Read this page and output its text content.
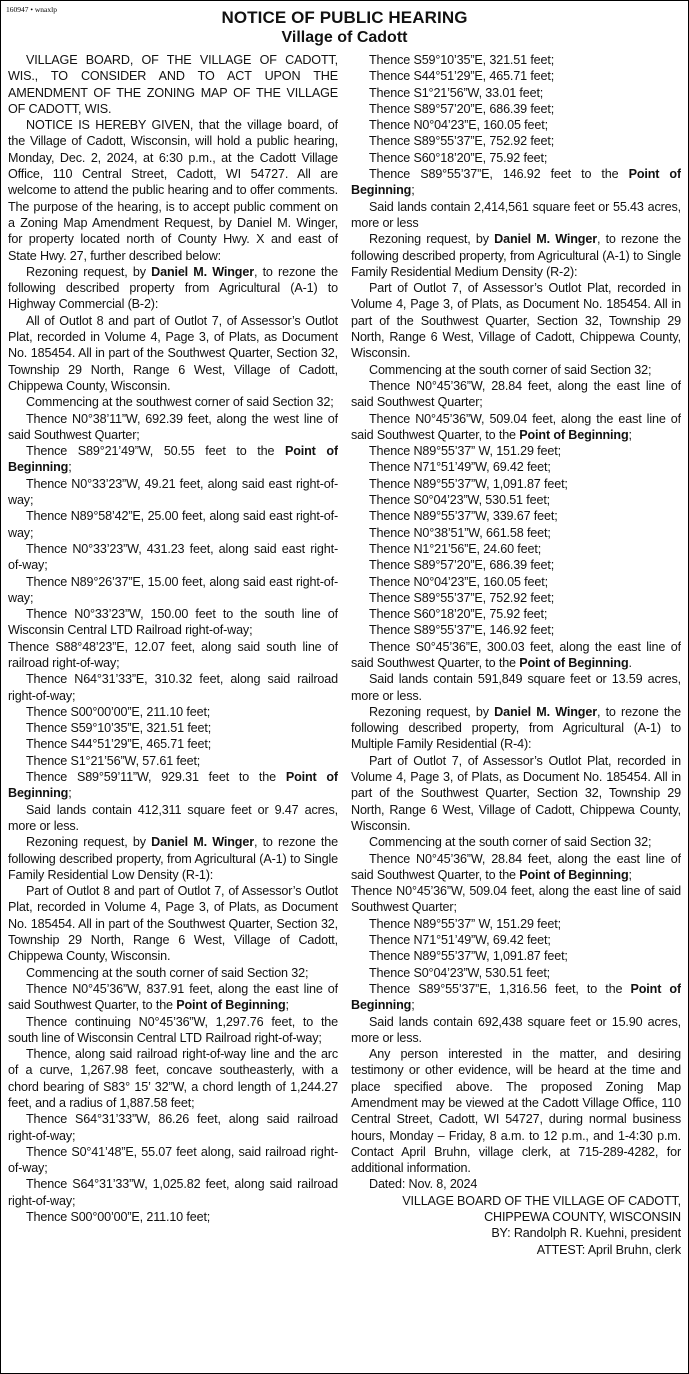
160947 • wnaxlp	NOTICE OF PUBLIC HEARING
Village of Cadott

VILLAGE BOARD, OF THE VILLAGE OF CADOTT, WIS., TO CONSIDER AND TO ACT UPON THE AMENDMENT OF THE ZONING MAP OF THE VILLAGE OF CADOTT, WIS.

NOTICE IS HEREBY GIVEN, that the village board, of the Village of Cadott, Wisconsin, will hold a public hearing, Monday, Dec. 2, 2024, at 6:30 p.m., at the Cadott Village Office, 110 Central Street, Cadott, WI 54727. All are welcome to attend the public hearing and to offer comments. The purpose of the hearing, is to accept public comment on a Zoning Map Amendment Request, by Daniel M. Winger, for property located north of County Hwy. X and east of State Hwy. 27, further described below:

Rezoning request, by Daniel M. Winger, to rezone the following described property from Agricultural (A-1) to Highway Commercial (B-2):

All of Outlot 8 and part of Outlot 7, of Assessor’s Outlot Plat, recorded in Volume 4, Page 3, of Plats, as Document No. 185454. All in part of the Southwest Quarter, Section 32, Township 29 North, Range 6 West, Village of Cadott, Chippewa County, Wisconsin.

Commencing at the southwest corner of said Section 32;

Thence N0°38’11”W, 692.39 feet, along the west line of said Southwest Quarter;

Thence S89°21’49”W, 50.55 feet to the Point of Beginning;

Thence N0°33’23”W, 49.21 feet, along said east right-of-way;

Thence N89°58’42”E, 25.00 feet, along said east right-of-way;

Thence N0°33’23”W, 431.23 feet, along said east right-of-way;

Thence N89°26’37”E, 15.00 feet, along said east right-of-way;

Thence N0°33’23”W, 150.00 feet to the south line of Wisconsin Central LTD Railroad right-of-way;

Thence S88°48’23”E, 12.07 feet, along said south line of railroad right-of-way;

Thence N64°31’33”E, 310.32 feet, along said railroad right-of-way;

Thence S00°00’00”E, 211.10 feet;

Thence S59°10’35”E, 321.51 feet;

Thence S44°51’29”E, 465.71 feet;

Thence S1°21’56”W, 57.61 feet;

Thence S89°59’11”W, 929.31 feet to the Point of Beginning;

Said lands contain 412,311 square feet or 9.47 acres, more or less.

Rezoning request, by Daniel M. Winger, to rezone the following described property, from Agricultural (A-1) to Single Family Residential Low Density (R-1):

Part of Outlot 8 and part of Outlot 7, of Assessor’s Outlot Plat, recorded in Volume 4, Page 3, of Plats, as Document No. 185454. All in part of the Southwest Quarter, Section 32, Township 29 North, Range 6 West, Village of Cadott, Chippewa County, Wisconsin.

Commencing at the south corner of said Section 32;

Thence N0°45’36”W, 837.91 feet, along the east line of said Southwest Quarter, to the Point of Beginning;

Thence continuing N0°45’36”W, 1,297.76 feet, to the south line of Wisconsin Central LTD Railroad right-of-way;

Thence, along said railroad right-of-way line and the arc of a curve, 1,267.98 feet, concave southeasterly, with a chord bearing of S83° 15’ 32”W, a chord length of 1,244.27 feet, and a radius of 1,887.58 feet;

Thence S64°31’33”W, 86.26 feet, along said railroad right-of-way;

Thence S0°41’48”E, 55.07 feet along, said railroad right-of-way;

Thence S64°31’33”W, 1,025.82 feet, along said railroad right-of-way;

Thence S00°00’00”E, 211.10 feet;

Thence S59°10’35”E, 321.51 feet;

Thence S44°51’29”E, 465.71 feet;

Thence S1°21’56”W, 33.01 feet;

Thence S89°57’20”E, 686.39 feet;

Thence N0°04’23”E, 160.05 feet;

Thence S89°55’37”E, 752.92 feet;

Thence S60°18’20”E, 75.92 feet;

Thence S89°55’37”E, 146.92 feet to the Point of Beginning;

Said lands contain 2,414,561 square feet or 55.43 acres, more or less

Rezoning request, by Daniel M. Winger, to rezone the following described property, from Agricultural (A-1) to Single Family Residential Medium Density (R-2):

Part of Outlot 7, of Assessor’s Outlot Plat, recorded in Volume 4, Page 3, of Plats, as Document No. 185454. All in part of the Southwest Quarter, Section 32, Township 29 North, Range 6 West, Village of Cadott, Chippewa County, Wisconsin.

Commencing at the south corner of said Section 32;

Thence N0°45’36”W, 28.84 feet, along the east line of said Southwest Quarter;

Thence N0°45’36”W, 509.04 feet, along the east line of said Southwest Quarter, to the Point of Beginning;

Thence N89°55’37” W, 151.29 feet;

Thence N71°51’49”W, 69.42 feet;

Thence N89°55’37”W, 1,091.87 feet;

Thence S0°04’23”W, 530.51 feet;

Thence N89°55’37”W, 339.67 feet;

Thence N0°38’51”W, 661.58 feet;

Thence N1°21’56”E, 24.60 feet;

Thence S89°57’20”E, 686.39 feet;

Thence N0°04’23”E, 160.05 feet;

Thence S89°55’37”E, 752.92 feet;

Thence S60°18’20”E, 75.92 feet;

Thence S89°55’37”E, 146.92 feet;

Thence S0°45’36”E, 300.03 feet, along the east line of said Southwest Quarter, to the Point of Beginning.

Said lands contain 591,849 square feet or 13.59 acres, more or less.

Rezoning request, by Daniel M. Winger, to rezone the following described property, from Agricultural (A-1) to Multiple Family Residential (R-4):

Part of Outlot 7, of Assessor’s Outlot Plat, recorded in Volume 4, Page 3, of Plats, as Document No. 185454. All in part of the Southwest Quarter, Section 32, Township 29 North, Range 6 West, Village of Cadott, Chippewa County, Wisconsin.

Commencing at the south corner of said Section 32;

Thence N0°45’36”W, 28.84 feet, along the east line of said Southwest Quarter, to the Point of Beginning;

Thence N0°45’36”W, 509.04 feet, along the east line of said Southwest Quarter;

Thence N89°55’37” W, 151.29 feet;

Thence N71°51’49”W, 69.42 feet;

Thence N89°55’37”W, 1,091.87 feet;

Thence S0°04’23”W, 530.51 feet;

Thence S89°55’37”E, 1,316.56 feet, to the Point of Beginning;

Said lands contain 692,438 square feet or 15.90 acres, more or less.

Any person interested in the matter, and desiring testimony or other evidence, will be heard at the time and place specified above. The proposed Zoning Map Amendment may be viewed at the Cadott Village Office, 110 Central Street, Cadott, WI 54727, during normal business hours, Monday – Friday, 8 a.m. to 12 p.m., and 1-4:30 p.m. Contact April Bruhn, village clerk, at 715-289-4282, for additional information.

Dated: Nov. 8, 2024

VILLAGE BOARD OF THE VILLAGE OF CADOTT, CHIPPEWA COUNTY, WISCONSIN

BY: Randolph R. Kuehni, president

ATTEST: April Bruhn, clerk
